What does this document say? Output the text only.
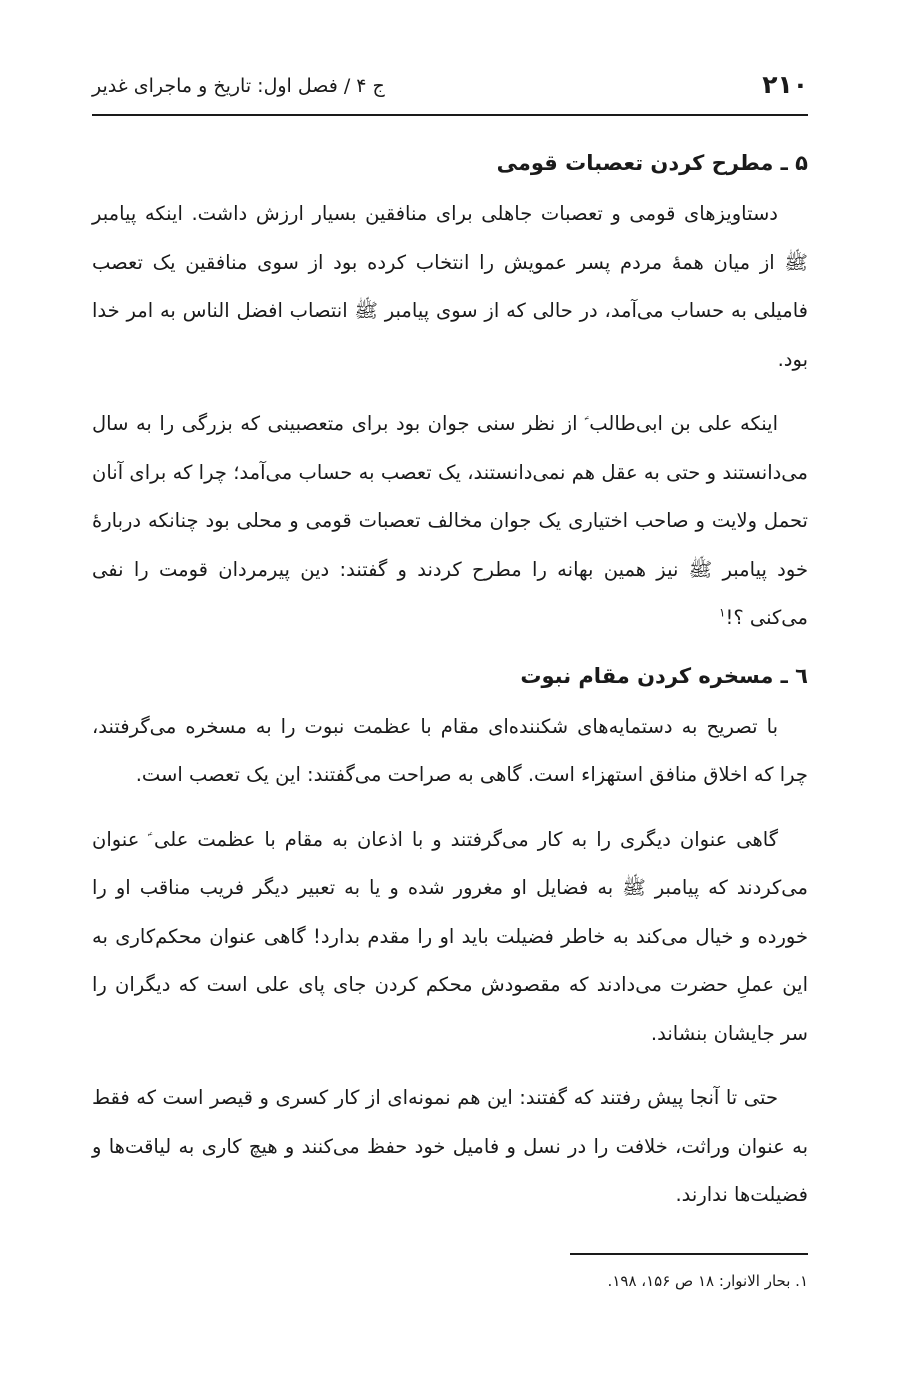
۲۱۰
ج ۴ / فصل اول: تاریخ و ماجرای غدیر
۵ ـ مطرح کردن تعصبات قومی

دستاویزهای قومی و تعصبات جاهلی برای منافقین بسیار ارزش داشت. اینکه پیامبر ﷺ از میان همهٔ مردم پسر عمویش را انتخاب کرده بود از سوی منافقین یک تعصب فامیلی به حساب می‌آمد، در حالی که از سوی پیامبر ﷺ انتصاب افضل الناس به امر خدا بود.

اینکه علی بن ابی‌طالب ؑ از نظر سنی جوان بود برای متعصبینی که بزرگی را به سال می‌دانستند و حتی به عقل هم نمی‌دانستند، یک تعصب به حساب می‌آمد؛ چرا که برای آنان تحمل ولایت و صاحب اختیاری یک جوان مخالف تعصبات قومی و محلی بود چنانکه دربارهٔ خود پیامبر ﷺ نیز همین بهانه را مطرح کردند و گفتند: دین پیرمردان قومت را نفی می‌کنی ؟!$^۱$

٦ ـ مسخره کردن مقام نبوت

با تصریح به دستمایه‌های شکننده‌ای مقام با عظمت نبوت را به مسخره می‌گرفتند، چرا که اخلاق منافق استهزاء است. گاهی به صراحت می‌گفتند: این یک تعصب است.

گاهی عنوان دیگری را به کار می‌گرفتند و با اذعان به مقام با عظمت علی ؑ عنوان می‌کردند که پیامبر ﷺ به فضایل او مغرور شده و یا به تعبیر دیگر فریب مناقب او را خورده و خیال می‌کند به خاطر فضیلت باید او را مقدم بدارد! گاهی عنوان محکم‌کاری به این عملِ حضرت می‌دادند که مقصودش محکم کردن جای پای علی است که دیگران را سر جایشان بنشاند.

حتی تا آنجا پیش رفتند که گفتند: این هم نمونه‌ای از کار کسری و قیصر است که فقط به عنوان وراثت، خلافت را در نسل و فامیل خود حفظ می‌کنند و هیچ کاری به لیاقت‌ها و فضیلت‌ها ندارند.

۱. بحار الانوار: ۱۸ ص ۱۵۶، ۱۹۸.
